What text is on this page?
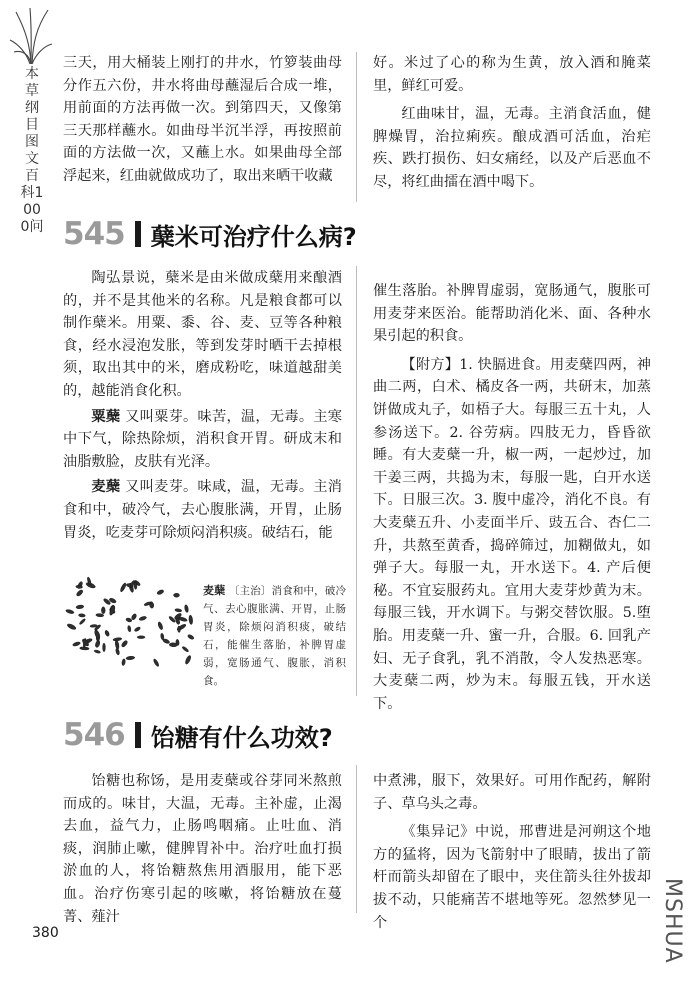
本草纲目图文百科1000问

三天，用大桶装上刚打的井水，竹箩装曲母分作五六份，井水将曲母蘸湿后合成一堆，用前面的方法再做一次。到第四天，又像第三天那样蘸水。如曲母半沉半浮，再按照前面的方法做一次，又蘸上水。如果曲母全部浮起来，红曲就做成功了，取出来晒干收藏

好。米过了心的称为生黄，放入酒和腌菜里，鲜红可爱。

红曲味甘，温，无毒。主消食活血，健脾燥胃，治拉痢疾。酿成酒可活血，治疟疾、跌打损伤、妇女痛经，以及产后恶血不尽，将红曲擂在酒中喝下。

545 蘖米可治疗什么病?

陶弘景说，蘖米是由米做成蘖用来酿酒的，并不是其他米的名称。凡是粮食都可以制作蘖米。用粟、黍、谷、麦、豆等各种粮食，经水浸泡发胀，等到发芽时晒干去掉根须，取出其中的米，磨成粉吃，味道越甜美的，越能消食化积。

粟蘖 又叫粟芽。味苦，温，无毒。主寒中下气，除热除烦，消积食开胃。研成末和油脂敷脸，皮肤有光泽。

麦蘖 又叫麦芽。味咸，温，无毒。主消食和中，破冷气，去心腹胀满，开胃，止肠胃炎，吃麦芽可除烦闷消积痰。破结石，能

麦蘖 〔主治〕消食和中，破冷气、去心腹胀满、开胃，止肠胃炎，除烦闷消积痰，破结石，能催生落胎，补脾胃虚弱，宽肠通气、腹胀，消积食。

催生落胎。补脾胃虚弱，宽肠通气，腹胀可用麦芽来医治。能帮助消化米、面、各种水果引起的积食。

【附方】1. 快膈进食。用麦蘖四两，神曲二两，白术、橘皮各一两，共研末，加蒸饼做成丸子，如梧子大。每服三五十丸，人参汤送下。2. 谷劳病。四肢无力，昏昏欲睡。有大麦蘖一升，椒一两，一起炒过，加干姜三两，共捣为末，每服一匙，白开水送下。日服三次。3. 腹中虚冷，消化不良。有大麦蘖五升、小麦面半斤、豉五合、杏仁二升，共熬至黄香，捣碎筛过，加糊做丸，如弹子大。每服一丸，开水送下。4. 产后便秘。不宜妄服药丸。宜用大麦芽炒黄为末。每服三钱，开水调下。与粥交替饮服。5.堕胎。用麦蘖一升、蜜一升，合服。6. 回乳产妇、无子食乳，乳不消散，令人发热恶寒。大麦蘖二两，炒为末。每服五钱，开水送下。

546 饴糖有什么功效?

饴糖也称饧，是用麦蘖或谷芽同米熬煎而成的。味甘，大温，无毒。主补虚，止渴去血，益气力，止肠鸣咽痛。止吐血、消痰，润肺止嗽，健脾胃补中。治疗吐血打损淤血的人，将饴糖熬焦用酒服用，能下恶血。治疗伤寒引起的咳嗽，将饴糖放在蔓菁、薤汁

中煮沸，服下，效果好。可用作配药，解附子、草乌头之毒。

《集异记》中说，邢曹进是河朔这个地方的猛将，因为飞箭射中了眼睛，拔出了箭杆而箭头却留在了眼中，夹住箭头往外拔却拔不动，只能痛苦不堪地等死。忽然梦见一个

380	MSHUA
